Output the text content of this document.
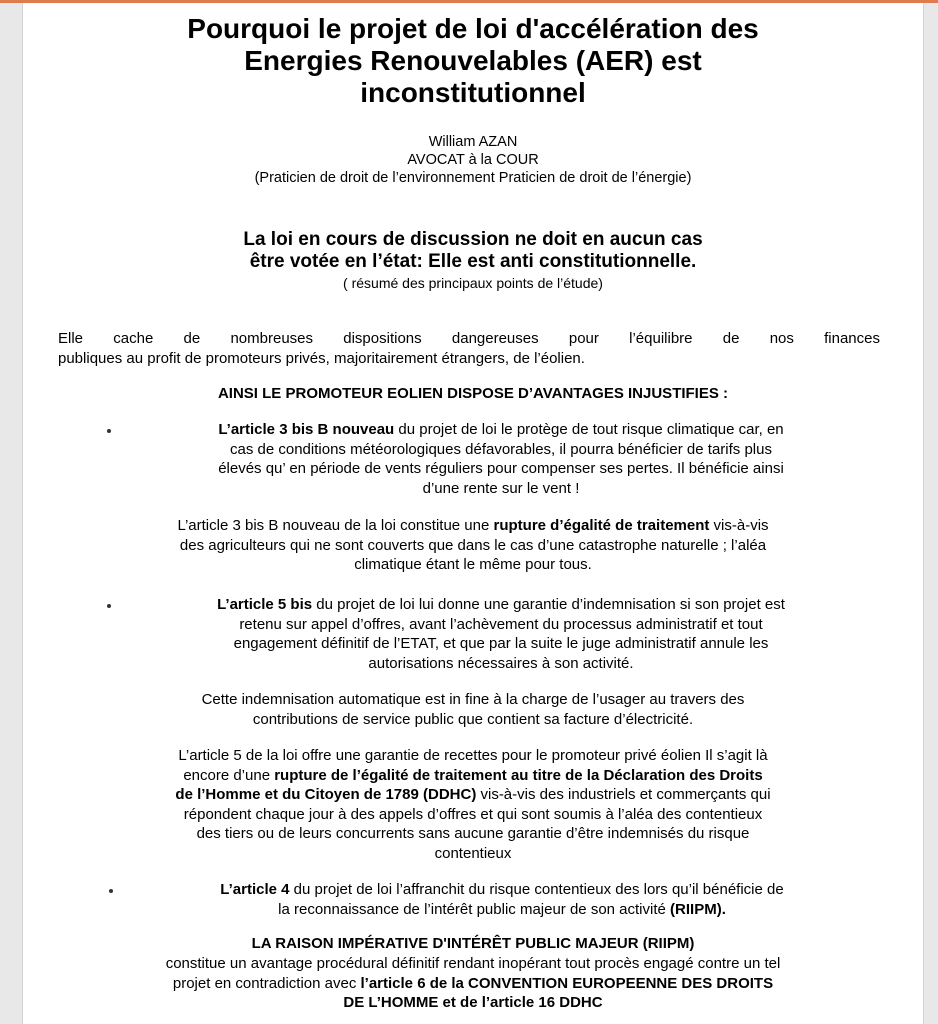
Pourquoi le projet de loi d'accélération des
Energies Renouvelables (AER) est
inconstitutionnel
William AZAN
AVOCAT à la COUR
(Praticien de droit de l’environnement Praticien de droit de l’énergie)
La loi en cours de discussion ne doit en aucun cas
être votée en l’état: Elle est anti constitutionnelle.
( résumé des principaux points de l’étude)
Elle cache de nombreuses dispositions dangereuses pour l’équilibre de nos finances
publiques au profit de promoteurs privés, majoritairement étrangers, de l’éolien.
AINSI LE PROMOTEUR EOLIEN DISPOSE D’AVANTAGES INJUSTIFIES :
L’article 3 bis B nouveau du projet de loi le protège de tout risque climatique car, en
cas de conditions météorologiques défavorables, il pourra bénéficier de tarifs plus
élevés qu’ en période de vents réguliers pour compenser ses pertes. Il bénéficie ainsi
d’une rente sur le vent !
L’article 3 bis B nouveau de la loi constitue une rupture d’égalité de traitement vis-à-vis
des agriculteurs qui ne sont couverts que dans le cas d’une catastrophe naturelle ; l’aléa
climatique étant le même pour tous.
L’article 5 bis du projet de loi lui donne une garantie d’indemnisation si son projet est
retenu sur appel d’offres, avant l’achèvement du processus administratif et tout
engagement définitif de l’ETAT, et que par la suite le juge administratif annule les
autorisations nécessaires à son activité.
Cette indemnisation automatique est in fine à la charge de l’usager au travers des
contributions de service public que contient sa facture d’électricité.
L’article 5 de la loi offre une garantie de recettes pour le promoteur privé éolien Il s’agit là
encore d’une rupture de l’égalité de traitement au titre de la Déclaration des Droits
de l’Homme et du Citoyen de 1789 (DDHC) vis-à-vis des industriels et commerçants qui
répondent chaque jour à des appels d’offres et qui sont soumis à l’aléa des contentieux
des tiers ou de leurs concurrents sans aucune garantie d’être indemnisés du risque
contentieux
L’article 4 du projet de loi l’affranchit du risque contentieux des lors qu’il bénéficie de
la reconnaissance de l’intérêt public majeur de son activité (RIIPM).
LA RAISON IMPÉRATIVE D'INTÉRÊT PUBLIC MAJEUR (RIIPM)
constitue un avantage procédural définitif rendant inopérant tout procès engagé contre un tel
projet en contradiction avec l’article 6 de la CONVENTION EUROPEENNE DES DROITS
DE L’HOMME et de l’article 16 DDHC
